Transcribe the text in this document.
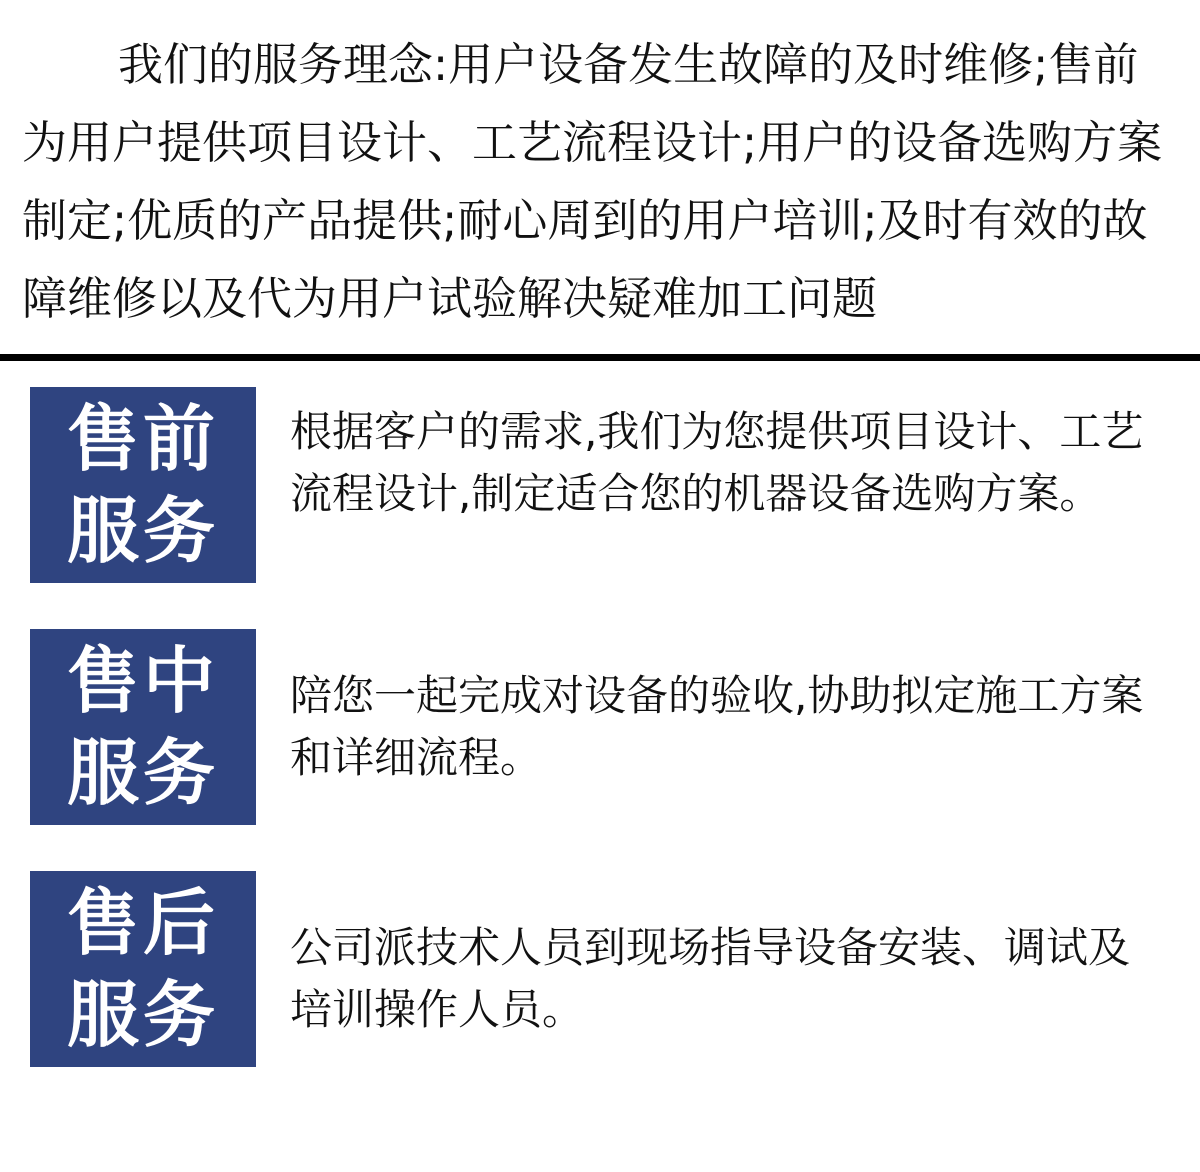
我们的服务理念:用户设备发生故障的及时维修;售前为用户提供项目设计、工艺流程设计;用户的设备选购方案制定;优质的产品提供;耐心周到的用户培训;及时有效的故障维修以及代为用户试验解决疑难加工问题
售前
服务
根据客户的需求,我们为您提供项目设计、工艺流程设计,制定适合您的机器设备选购方案。
售中
服务
陪您一起完成对设备的验收,协助拟定施工方案和详细流程。
售后
服务
公司派技术人员到现场指导设备安装、调试及培训操作人员。
